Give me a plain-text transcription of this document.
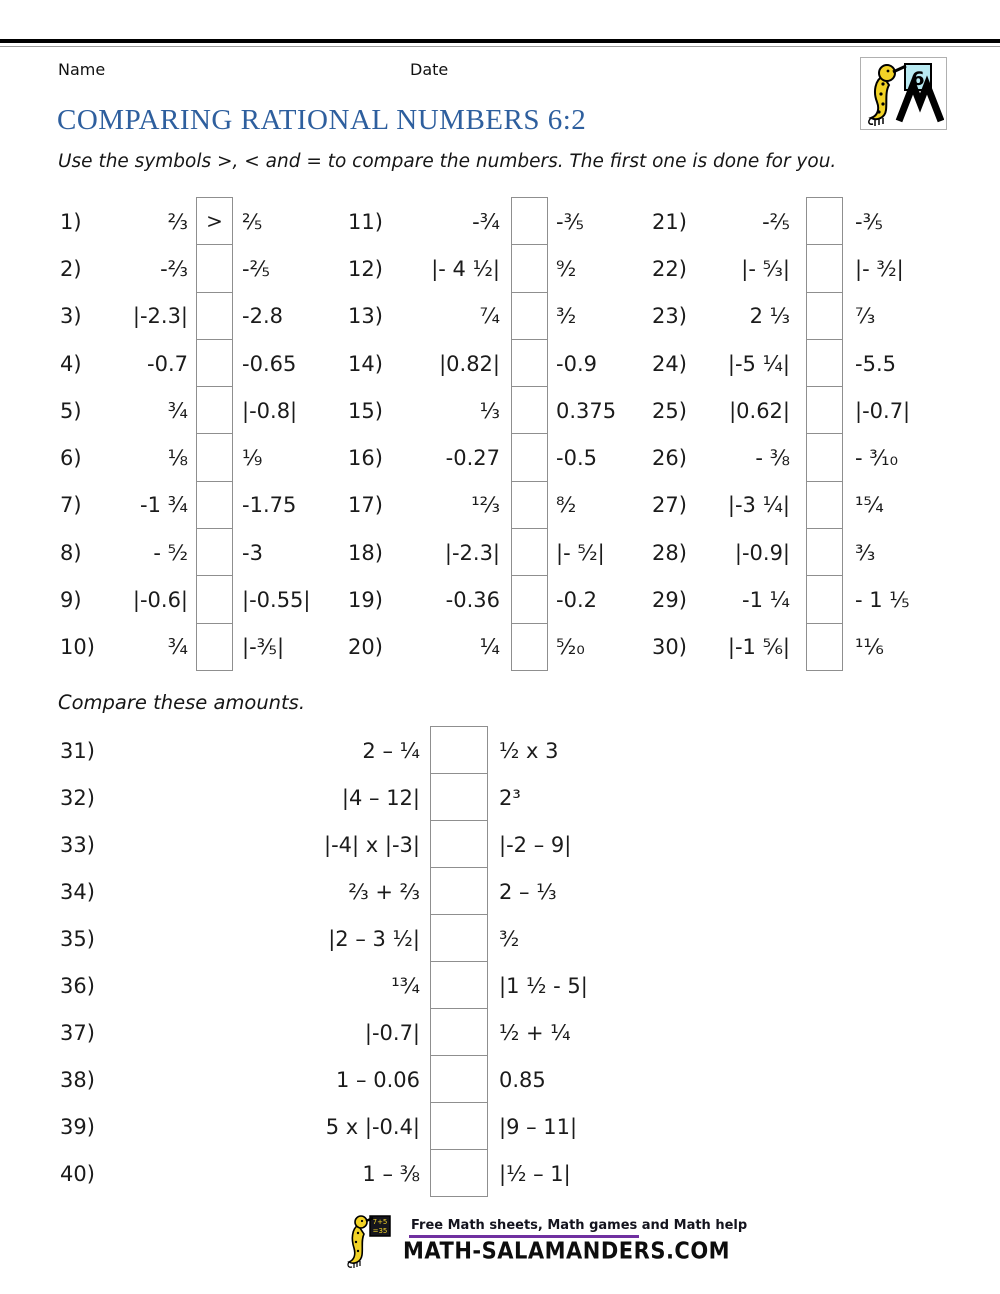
Name	Date	6
COMPARING RATIONAL NUMBERS 6:2
Use the symbols >, < and = to compare the numbers. The first one is done for you.
1)	⅔ > ⅖
2)	-⅔	-⅖
3)	|-2.3|	-2.8
4)	-0.7	-0.65
5)	¾	|-0.8|
6)	⅛	⅑
7)	-1 ¾	-1.75
8)	- ⁵⁄₂	-3
9)	|-0.6|	|-0.55|
10)	¾	|-⅗|
11)	-¾	-⅗
12)	|- 4 ½|	⁹⁄₂
13)	⁷⁄₄	³⁄₂
14)	|0.82|	-0.9
15)	⅓	0.375
16)	-0.27	-0.5
17)	¹²⁄₃	⁸⁄₂
18)	|-2.3|	|- ⁵⁄₂|
19)	-0.36	-0.2
20)	¼	⁵⁄₂₀
21)	-⅖	-⅗
22)	|- ⁵⁄₃|	|- ³⁄₂|
23)	2 ¹⁄₃	⁷⁄₃
24)	|-5 ¼|	-5.5
25)	|0.62|	|-0.7|
26)	- ⅜	- ³⁄₁₀
27)	|-3 ¼|	¹⁵⁄₄
28)	|-0.9|	³⁄₃
29)	-1 ¼	- 1 ⅕
30)	|-1 ⁵⁄₆|	¹¹⁄₆
Compare these amounts.
31)	2 – ¼	½ x 3
32)	|4 – 12|	2³
33)	|-4| x |-3|	|-2 – 9|
34)	⅔ + ⅔	2 – ⅓
35)	|2 – 3 ½|	³⁄₂
36)	¹³⁄₄	|1 ½ - 5|
37)	|-0.7|	½ + ¼
38)	1 – 0.06	0.85
39)	5 x |-0.4|	|9 – 11|
40)	1 – ⅜	|½ – 1|
7+5
=35 Free Math sheets, Math games and Math help
MATH-SALAMANDERS.COM
